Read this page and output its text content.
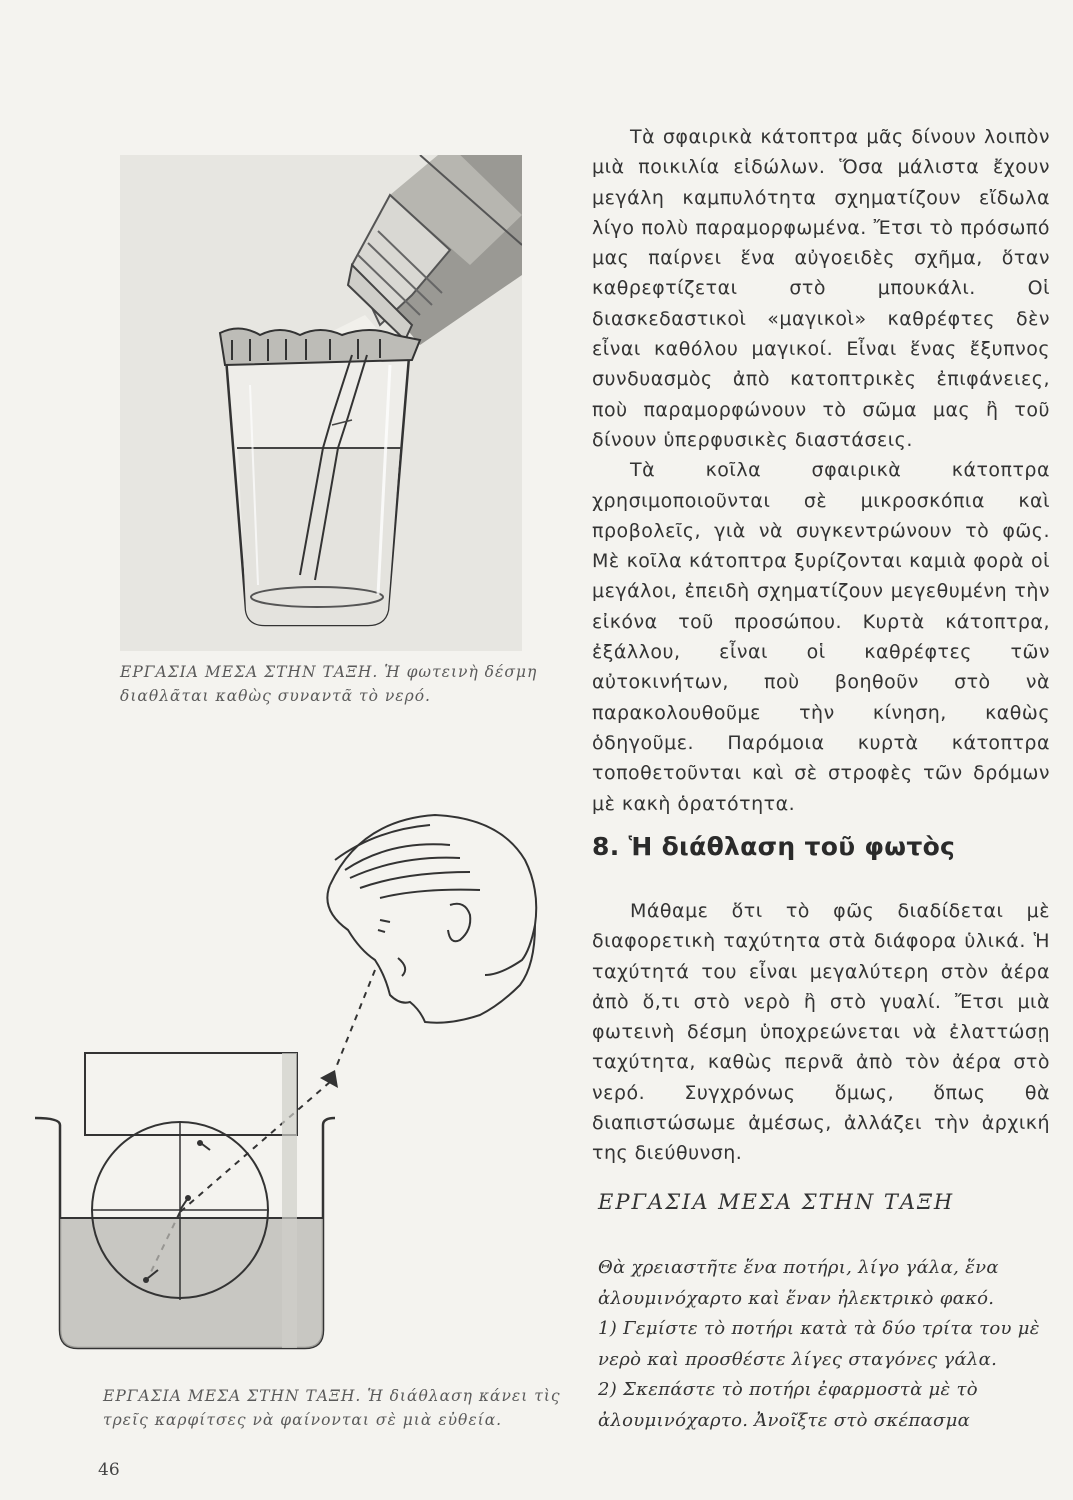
ΕΡΓΑΣΙΑ ΜΕΣΑ ΣΤΗΝ ΤΑΞΗ. Ἡ φωτεινὴ δέσμη διαθλᾶται καθὼς συναντᾶ τὸ νερό.
ΕΡΓΑΣΙΑ ΜΕΣΑ ΣΤΗΝ ΤΑΞΗ. Ἡ διάθλαση κάνει τὶς τρεῖς καρφίτσες νὰ φαίνονται σὲ μιὰ εὐθεία.

Τὰ σφαιρικὰ κάτοπτρα μᾶς δίνουν λοιπὸν μιὰ ποικιλία εἰδώλων. Ὅσα μάλιστα ἔχουν μεγάλη καμπυλότητα σχηματίζουν εἴδωλα λίγο πολὺ παραμορφωμένα. Ἔτσι τὸ πρόσωπό μας παίρνει ἕνα αὐγοειδὲς σχῆμα, ὅταν καθρεφτίζεται στὸ μπουκάλι. Οἱ διασκεδαστικοὶ «μαγικοὶ» καθρέφτες δὲν εἶναι καθόλου μαγικοί. Εἶναι ἕνας ἔξυπνος συνδυασμὸς ἀπὸ κατοπτρικὲς ἐπιφάνειες, ποὺ παραμορφώνουν τὸ σῶμα μας ἢ τοῦ δίνουν ὑπερφυσικὲς διαστάσεις.

Τὰ κοῖλα σφαιρικὰ κάτοπτρα χρησιμοποιοῦνται σὲ μικροσκόπια καὶ προβολεῖς, γιὰ νὰ συγκεντρώνουν τὸ φῶς. Μὲ κοῖλα κάτοπτρα ξυρίζονται καμιὰ φορὰ οἱ μεγάλοι, ἐπειδὴ σχηματίζουν μεγεθυμένη τὴν εἰκόνα τοῦ προσώπου. Κυρτὰ κάτοπτρα, ἐξάλλου, εἶναι οἱ καθρέφτες τῶν αὐτοκινήτων, ποὺ βοηθοῦν στὸ νὰ παρακολουθοῦμε τὴν κίνηση, καθὼς ὁδηγοῦμε. Παρόμοια κυρτὰ κάτοπτρα τοποθετοῦνται καὶ σὲ στροφὲς τῶν δρόμων μὲ κακὴ ὁρατότητα.

8. Ἡ διάθλαση τοῦ φωτὸς

Μάθαμε ὅτι τὸ φῶς διαδίδεται μὲ διαφορετικὴ ταχύτητα στὰ διάφορα ὑλικά. Ἡ ταχύτητά του εἶναι μεγαλύτερη στὸν ἀέρα ἀπὸ ὅ,τι στὸ νερὸ ἢ στὸ γυαλί. Ἔτσι μιὰ φωτεινὴ δέσμη ὑποχρεώνεται νὰ ἐλαττώσῃ ταχύτητα, καθὼς περνᾶ ἀπὸ τὸν ἀέρα στὸ νερό. Συγχρόνως ὅμως, ὅπως θὰ διαπιστώσωμε ἀμέσως, ἀλλάζει τὴν ἀρχική της διεύθυνση.

ΕΡΓΑΣΙΑ ΜΕΣΑ ΣΤΗΝ ΤΑΞΗ

Θὰ χρειαστῆτε ἕνα ποτήρι, λίγο γάλα, ἕνα ἀλουμινόχαρτο καὶ ἕναν ἠλεκτρικὸ φακό.

1) Γεμίστε τὸ ποτήρι κατὰ τὰ δύο τρίτα του μὲ νερὸ καὶ προσθέστε λίγες σταγόνες γάλα.

2) Σκεπάστε τὸ ποτήρι ἐφαρμοστὰ μὲ τὸ ἀλουμινόχαρτο. Ἀνοῖξτε στὸ σκέπασμα

46
